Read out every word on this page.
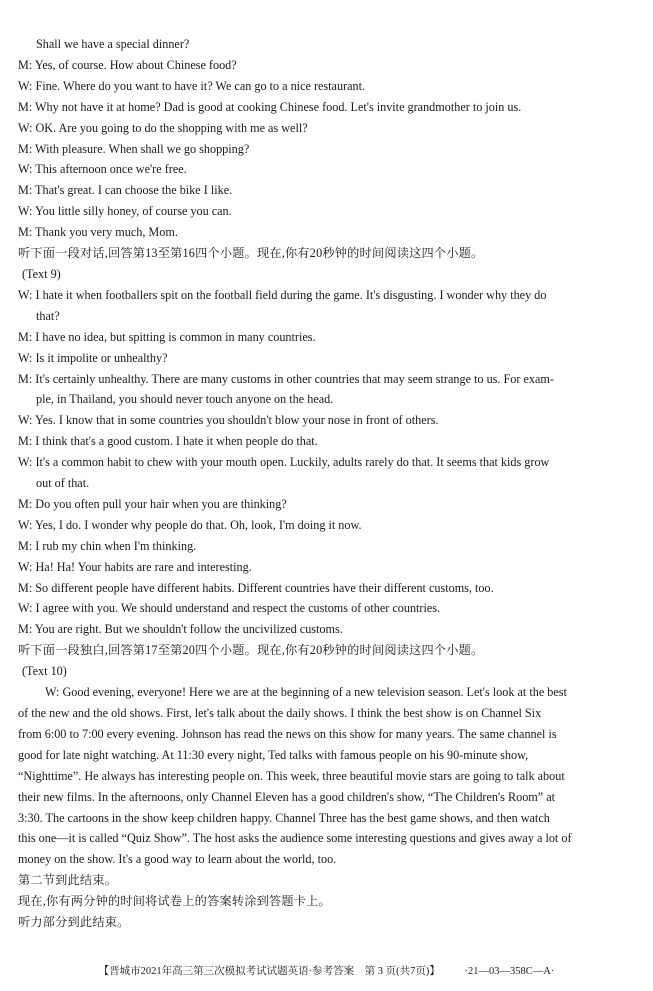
Shall we have a special dinner?

M: Yes, of course. How about Chinese food?

W: Fine. Where do you want to have it? We can go to a nice restaurant.

M: Why not have it at home? Dad is good at cooking Chinese food. Let's invite grandmother to join us.

W: OK. Are you going to do the shopping with me as well?

M: With pleasure. When shall we go shopping?

W: This afternoon once we're free.

M: That's great. I can choose the bike I like.

W: You little silly honey, of course you can.

M: Thank you very much, Mom.

听下面一段对话,回答第13至第16四个小题。现在,你有20秒钟的时间阅读这四个小题。

(Text 9)

W: I hate it when footballers spit on the football field during the game. It's disgusting. I wonder why they do

that?

M: I have no idea, but spitting is common in many countries.

W: Is it impolite or unhealthy?

M: It's certainly unhealthy. There are many customs in other countries that may seem strange to us. For exam-

ple, in Thailand, you should never touch anyone on the head.

W: Yes. I know that in some countries you shouldn't blow your nose in front of others.

M: I think that's a good custom. I hate it when people do that.

W: It's a common habit to chew with your mouth open. Luckily, adults rarely do that. It seems that kids grow

out of that.

M: Do you often pull your hair when you are thinking?

W: Yes, I do. I wonder why people do that. Oh, look, I'm doing it now.

M: I rub my chin when I'm thinking.

W: Ha! Ha! Your habits are rare and interesting.

M: So different people have different habits. Different countries have their different customs, too.

W: I agree with you. We should understand and respect the customs of other countries.

M: You are right. But we shouldn't follow the uncivilized customs.

听下面一段独白,回答第17至第20四个小题。现在,你有20秒钟的时间阅读这四个小题。

(Text 10)

W: Good evening, everyone! Here we are at the beginning of a new television season. Let's look at the best

of the new and the old shows. First, let's talk about the daily shows. I think the best show is on Channel Six

from 6:00 to 7:00 every evening. Johnson has read the news on this show for many years. The same channel is

good for late night watching. At 11:30 every night, Ted talks with famous people on his 90-minute show,

“Nighttime”. He always has interesting people on. This week, three beautiful movie stars are going to talk about

their new films. In the afternoons, only Channel Eleven has a good children's show, “The Children's Room” at

3:30. The cartoons in the show keep children happy. Channel Three has the best game shows, and then watch

this one—it is called “Quiz Show”. The host asks the audience some interesting questions and gives away a lot of

money on the show. It's a good way to learn about the world, too.

第二节到此结束。

现在,你有两分钟的时间将试卷上的答案转涂到答题卡上。

听力部分到此结束。

【晋城市2021年高三第三次模拟考试试题英语·参考答案　第 3 页(共7页)】 ·21—03—358C—A·
